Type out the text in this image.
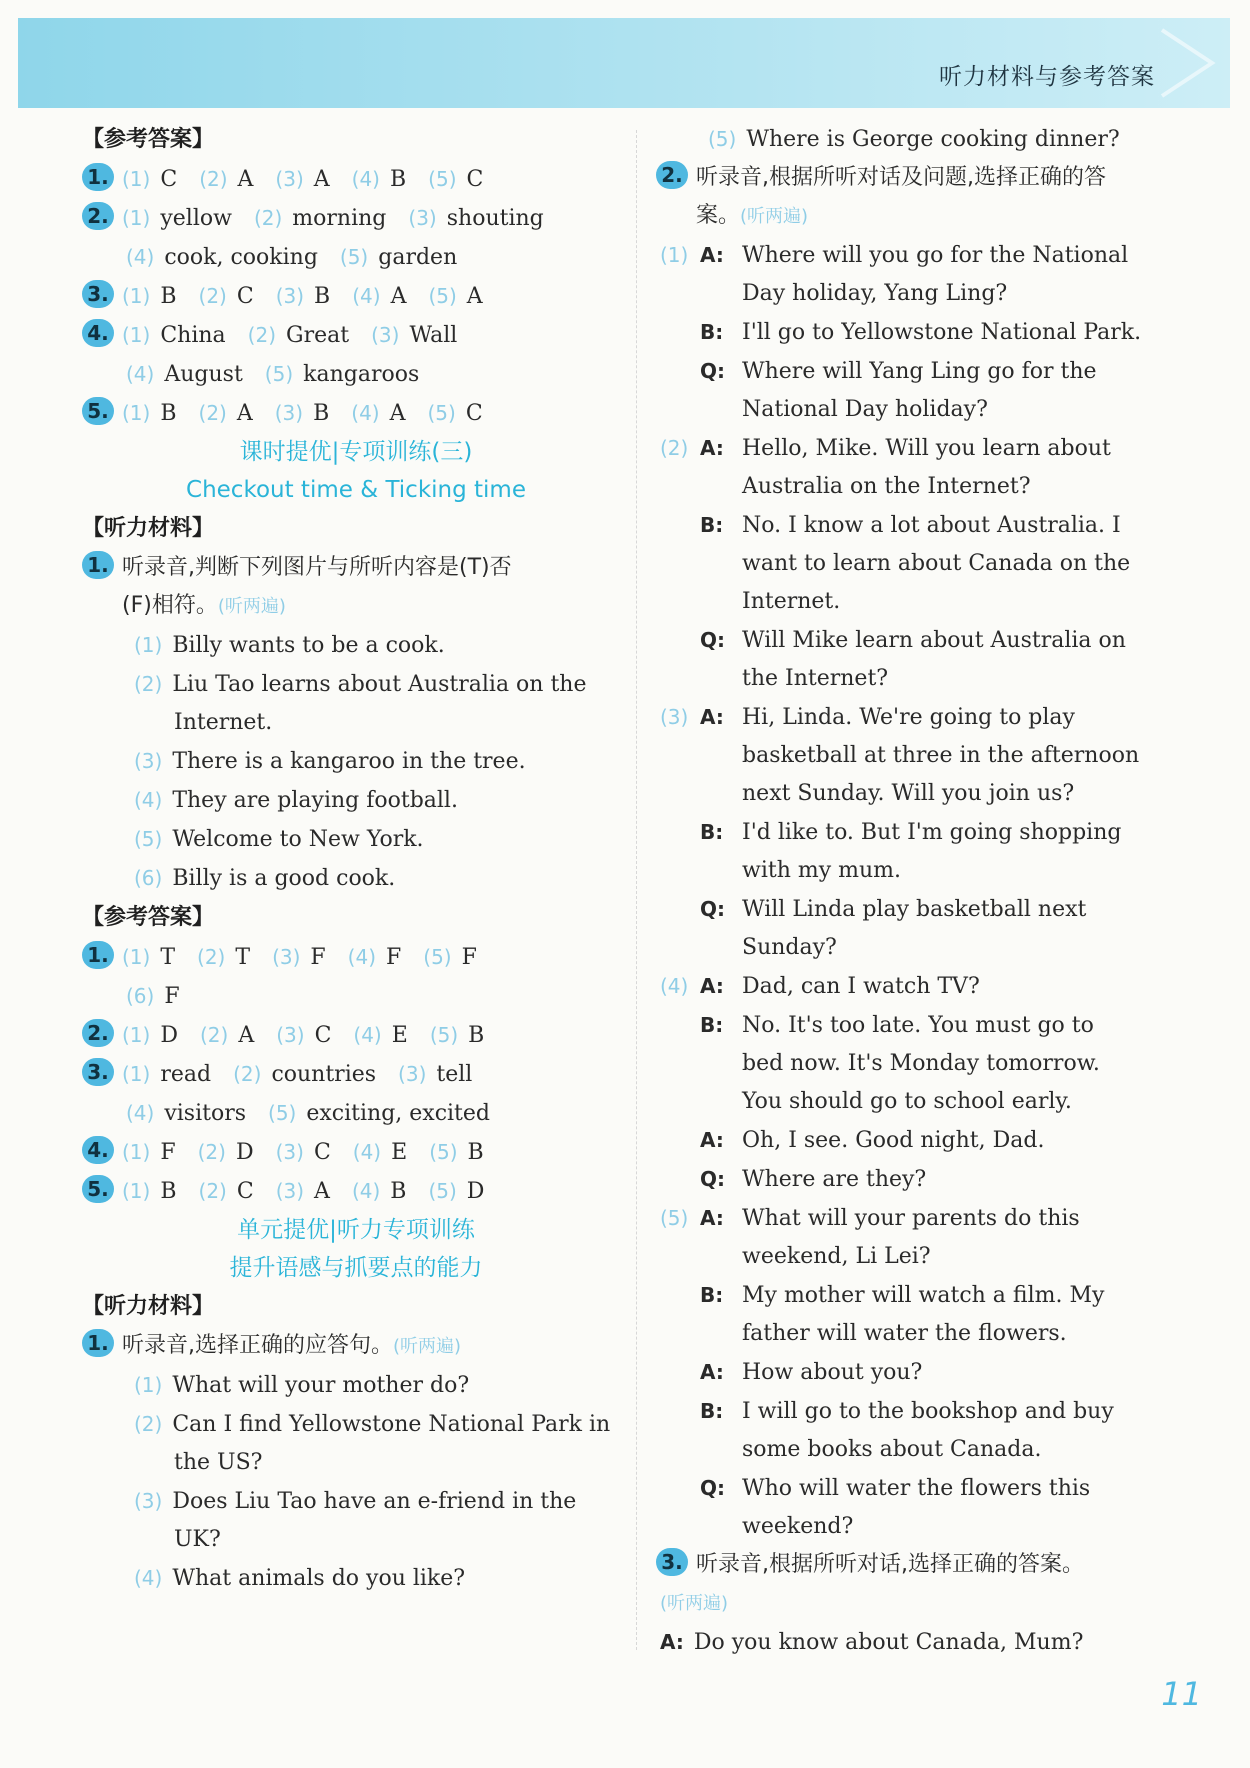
听力材料与参考答案
【参考答案】
1. (1) C (2) A (3) A (4) B (5) C
2. (1) yellow (2) morning (3) shouting
(4) cook, cooking (5) garden
3. (1) B (2) C (3) B (4) A (5) A
4. (1) China (2) Great (3) Wall
(4) August (5) kangaroos
5. (1) B (2) A (3) B (4) A (5) C
课时提优|专项训练(三)
Checkout time & Ticking time
【听力材料】
1. 听录音,判断下列图片与所听内容是(T)否
(F)相符。(听两遍)
(1) Billy wants to be a cook.
(2) Liu Tao learns about Australia on the
Internet.
(3) There is a kangaroo in the tree.
(4) They are playing football.
(5) Welcome to New York.
(6) Billy is a good cook.
【参考答案】
1. (1) T (2) T (3) F (4) F (5) F
(6) F
2. (1) D (2) A (3) C (4) E (5) B
3. (1) read (2) countries (3) tell
(4) visitors (5) exciting, excited
4. (1) F (2) D (3) C (4) E (5) B
5. (1) B (2) C (3) A (4) B (5) D
单元提优|听力专项训练
提升语感与抓要点的能力
【听力材料】
1. 听录音,选择正确的应答句。(听两遍)
(1) What will your mother do?
(2) Can I find Yellowstone National Park in
the US?
(3) Does Liu Tao have an e-friend in the
UK?
(4) What animals do you like?
(5) Where is George cooking dinner?
2. 听录音,根据所听对话及问题,选择正确的答
案。(听两遍)
(1) A: Where will you go for the National
Day holiday, Yang Ling?
B: I'll go to Yellowstone National Park.
Q: Where will Yang Ling go for the
National Day holiday?
(2) A: Hello, Mike. Will you learn about
Australia on the Internet?
B: No. I know a lot about Australia. I
want to learn about Canada on the
Internet.
Q: Will Mike learn about Australia on
the Internet?
(3) A: Hi, Linda. We're going to play
basketball at three in the afternoon
next Sunday. Will you join us?
B: I'd like to. But I'm going shopping
with my mum.
Q: Will Linda play basketball next
Sunday?
(4) A: Dad, can I watch TV?
B: No. It's too late. You must go to
bed now. It's Monday tomorrow.
You should go to school early.
A: Oh, I see. Good night, Dad.
Q: Where are they?
(5) A: What will your parents do this
weekend, Li Lei?
B: My mother will watch a film. My
father will water the flowers.
A: How about you?
B: I will go to the bookshop and buy
some books about Canada.
Q: Who will water the flowers this
weekend?
3. 听录音,根据所听对话,选择正确的答案。
(听两遍)
A: Do you know about Canada, Mum?
11
